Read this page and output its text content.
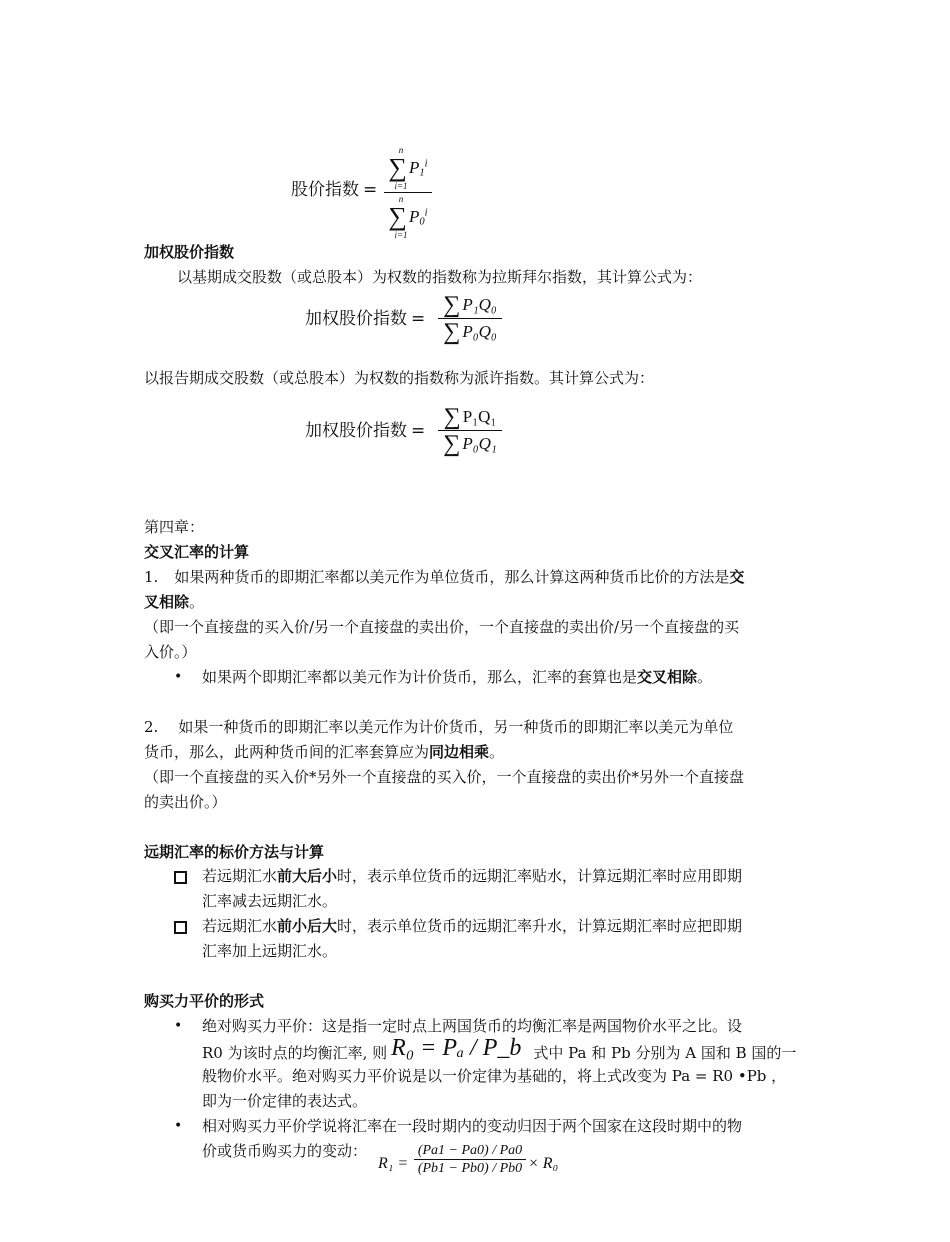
股价指数 =
n
∑ $P_1^i$
i=1
n
∑ $P_0^i$
i=1
加权股价指数
以基期成交股数（或总股本）为权数的指数称为拉斯拜尔指数，其计算公式为：
加权股价指数 =
∑ P₁Q₀
∑ P₀Q₀
以报告期成交股数（或总股本）为权数的指数称为派许指数。其计算公式为：
加权股价指数 =
∑ P₁Q₁
∑ P₀Q₁
第四章：
交叉汇率的计算
1. 如果两种货币的即期汇率都以美元作为单位货币，那么计算这两种货币比价的方法是交
叉相除。
（即一个直接盘的买入价/另一个直接盘的卖出价，一个直接盘的卖出价/另一个直接盘的买
入价。）
• 如果两个即期汇率都以美元作为计价货币，那么，汇率的套算也是交叉相除。
2. 如果一种货币的即期汇率以美元作为计价货币，另一种货币的即期汇率以美元为单位
货币，那么，此两种货币间的汇率套算应为同边相乘。
（即一个直接盘的买入价*另外一个直接盘的买入价，一个直接盘的卖出价*另外一个直接盘
的卖出价。）
远期汇率的标价方法与计算
若远期汇水前大后小时，表示单位货币的远期汇率贴水，计算远期汇率时应用即期
汇率减去远期汇水。
若远期汇水前小后大时，表示单位货币的远期汇率升水，计算远期汇率时应把即期
汇率加上远期汇水。
购买力平价的形式
• 绝对购买力平价：这是指一定时点上两国货币的均衡汇率是两国物价水平之比。设
R0 为该时点的均衡汇率, 则 R₀ = Pₐ / P_b 式中 Pa 和 Pb 分别为 A 国和 B 国的一
般物价水平。绝对购买力平价说是以一价定律为基础的，将上式改变为 Pa = R0 •Pb ，
即为一价定律的表达式。
• 相对购买力平价学说将汇率在一段时期内的变动归因于两个国家在这段时期中的物
价或货币购买力的变动：
R₁ =
(Pa1 − Pa0) / Pa0
(Pb1 − Pb0) / Pb0 × R₀
